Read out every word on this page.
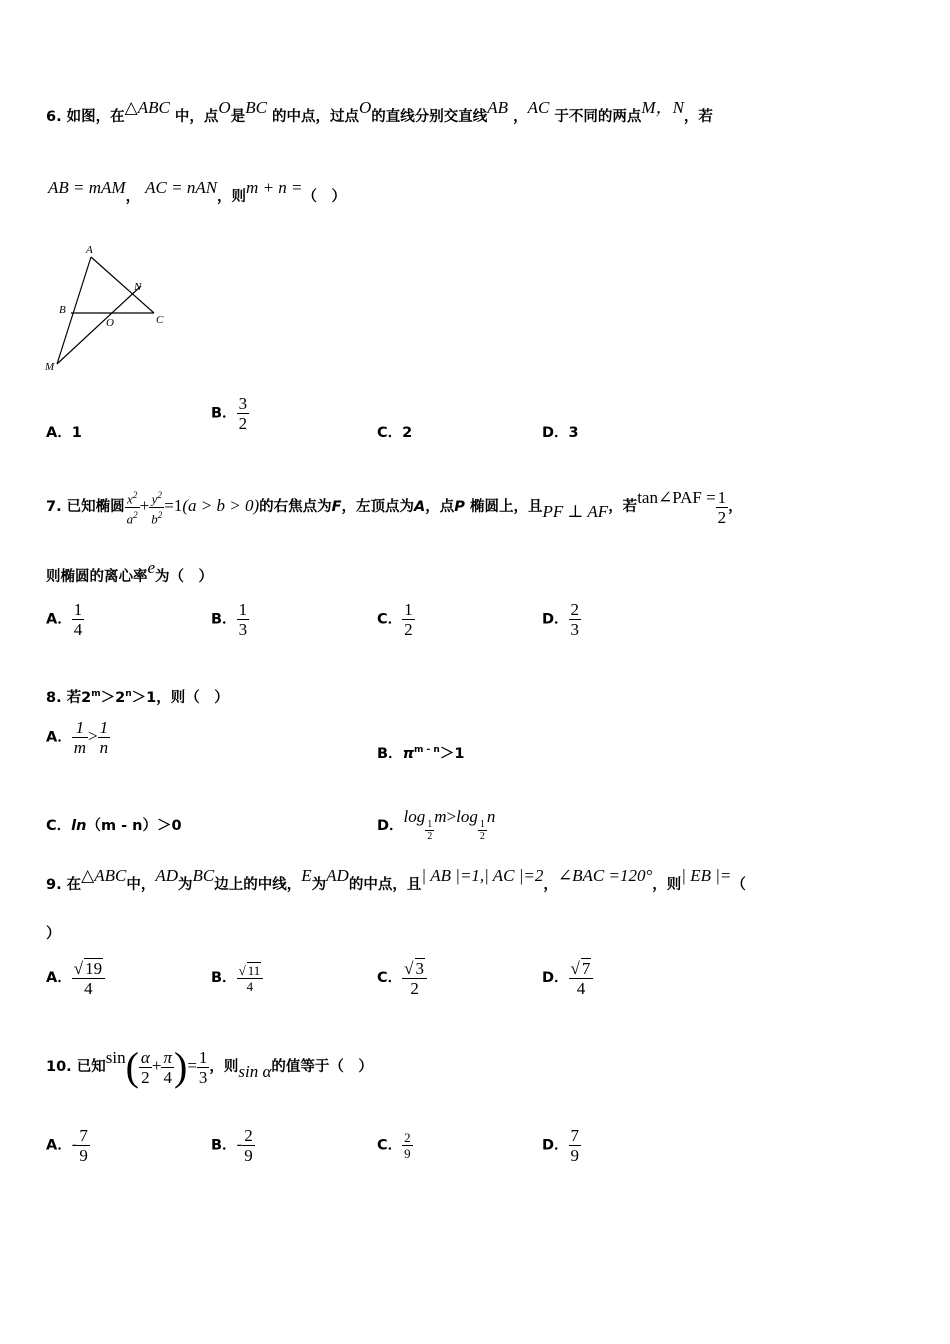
6. 如图，在△ABC 中，点O是BC 的中点，过点O的直线分别交直线AB ，AC 于不同的两点M，N，若
AB = mAM， AC = nAN，则m + n =（　）
A
B
O	C
N
M
A．1
B． $\frac{3}{2}$	C．2	D．3
7. 已知椭圆 $\frac{x^2}{a^2} + \frac{y^2}{b^2} =1(a > b > 0)$的右焦点为F，左顶点为A，点P 椭圆上，且PF ⊥ AF，若tan∠PAF = $\frac{1}{2}$ ，
则椭圆的离心率e为（　）
A． $\frac{1}{4}$	B． $\frac{1}{3}$	C． $\frac{1}{2}$	D． $\frac{2}{3}$
8. 若$2^m>2^n>1$，则（　）
A． $\frac{1}{m} > \frac{1}{n}$	B．$\pi^{m - n}>1$
C．ln（m - n）＞0	D．log
$\frac{1}{2}$
m>log
$\frac{1}{2}$
n
9. 在△ABC中，AD为BC边上的中线，E为AD的中点，且| AB |=1,| AC |=2，∠BAC =120°，则| EB |=（
）
A． $\frac{√ 19}{4}$	B． $\frac{√ 11}{4}$	C． $\frac{√ 3}{2}$	D． $\frac{√ 7}{4}$
10. 已知$\sin( \frac{\alpha}{2} + \frac{\pi}{4}$ )= $\frac{1}{3}$ ，则sin α的值等于（　）
A．- $\frac{7}{9}$	B．- $\frac{2}{9}$	C． $\frac{2}{9}$	D． $\frac{7}{9}$
